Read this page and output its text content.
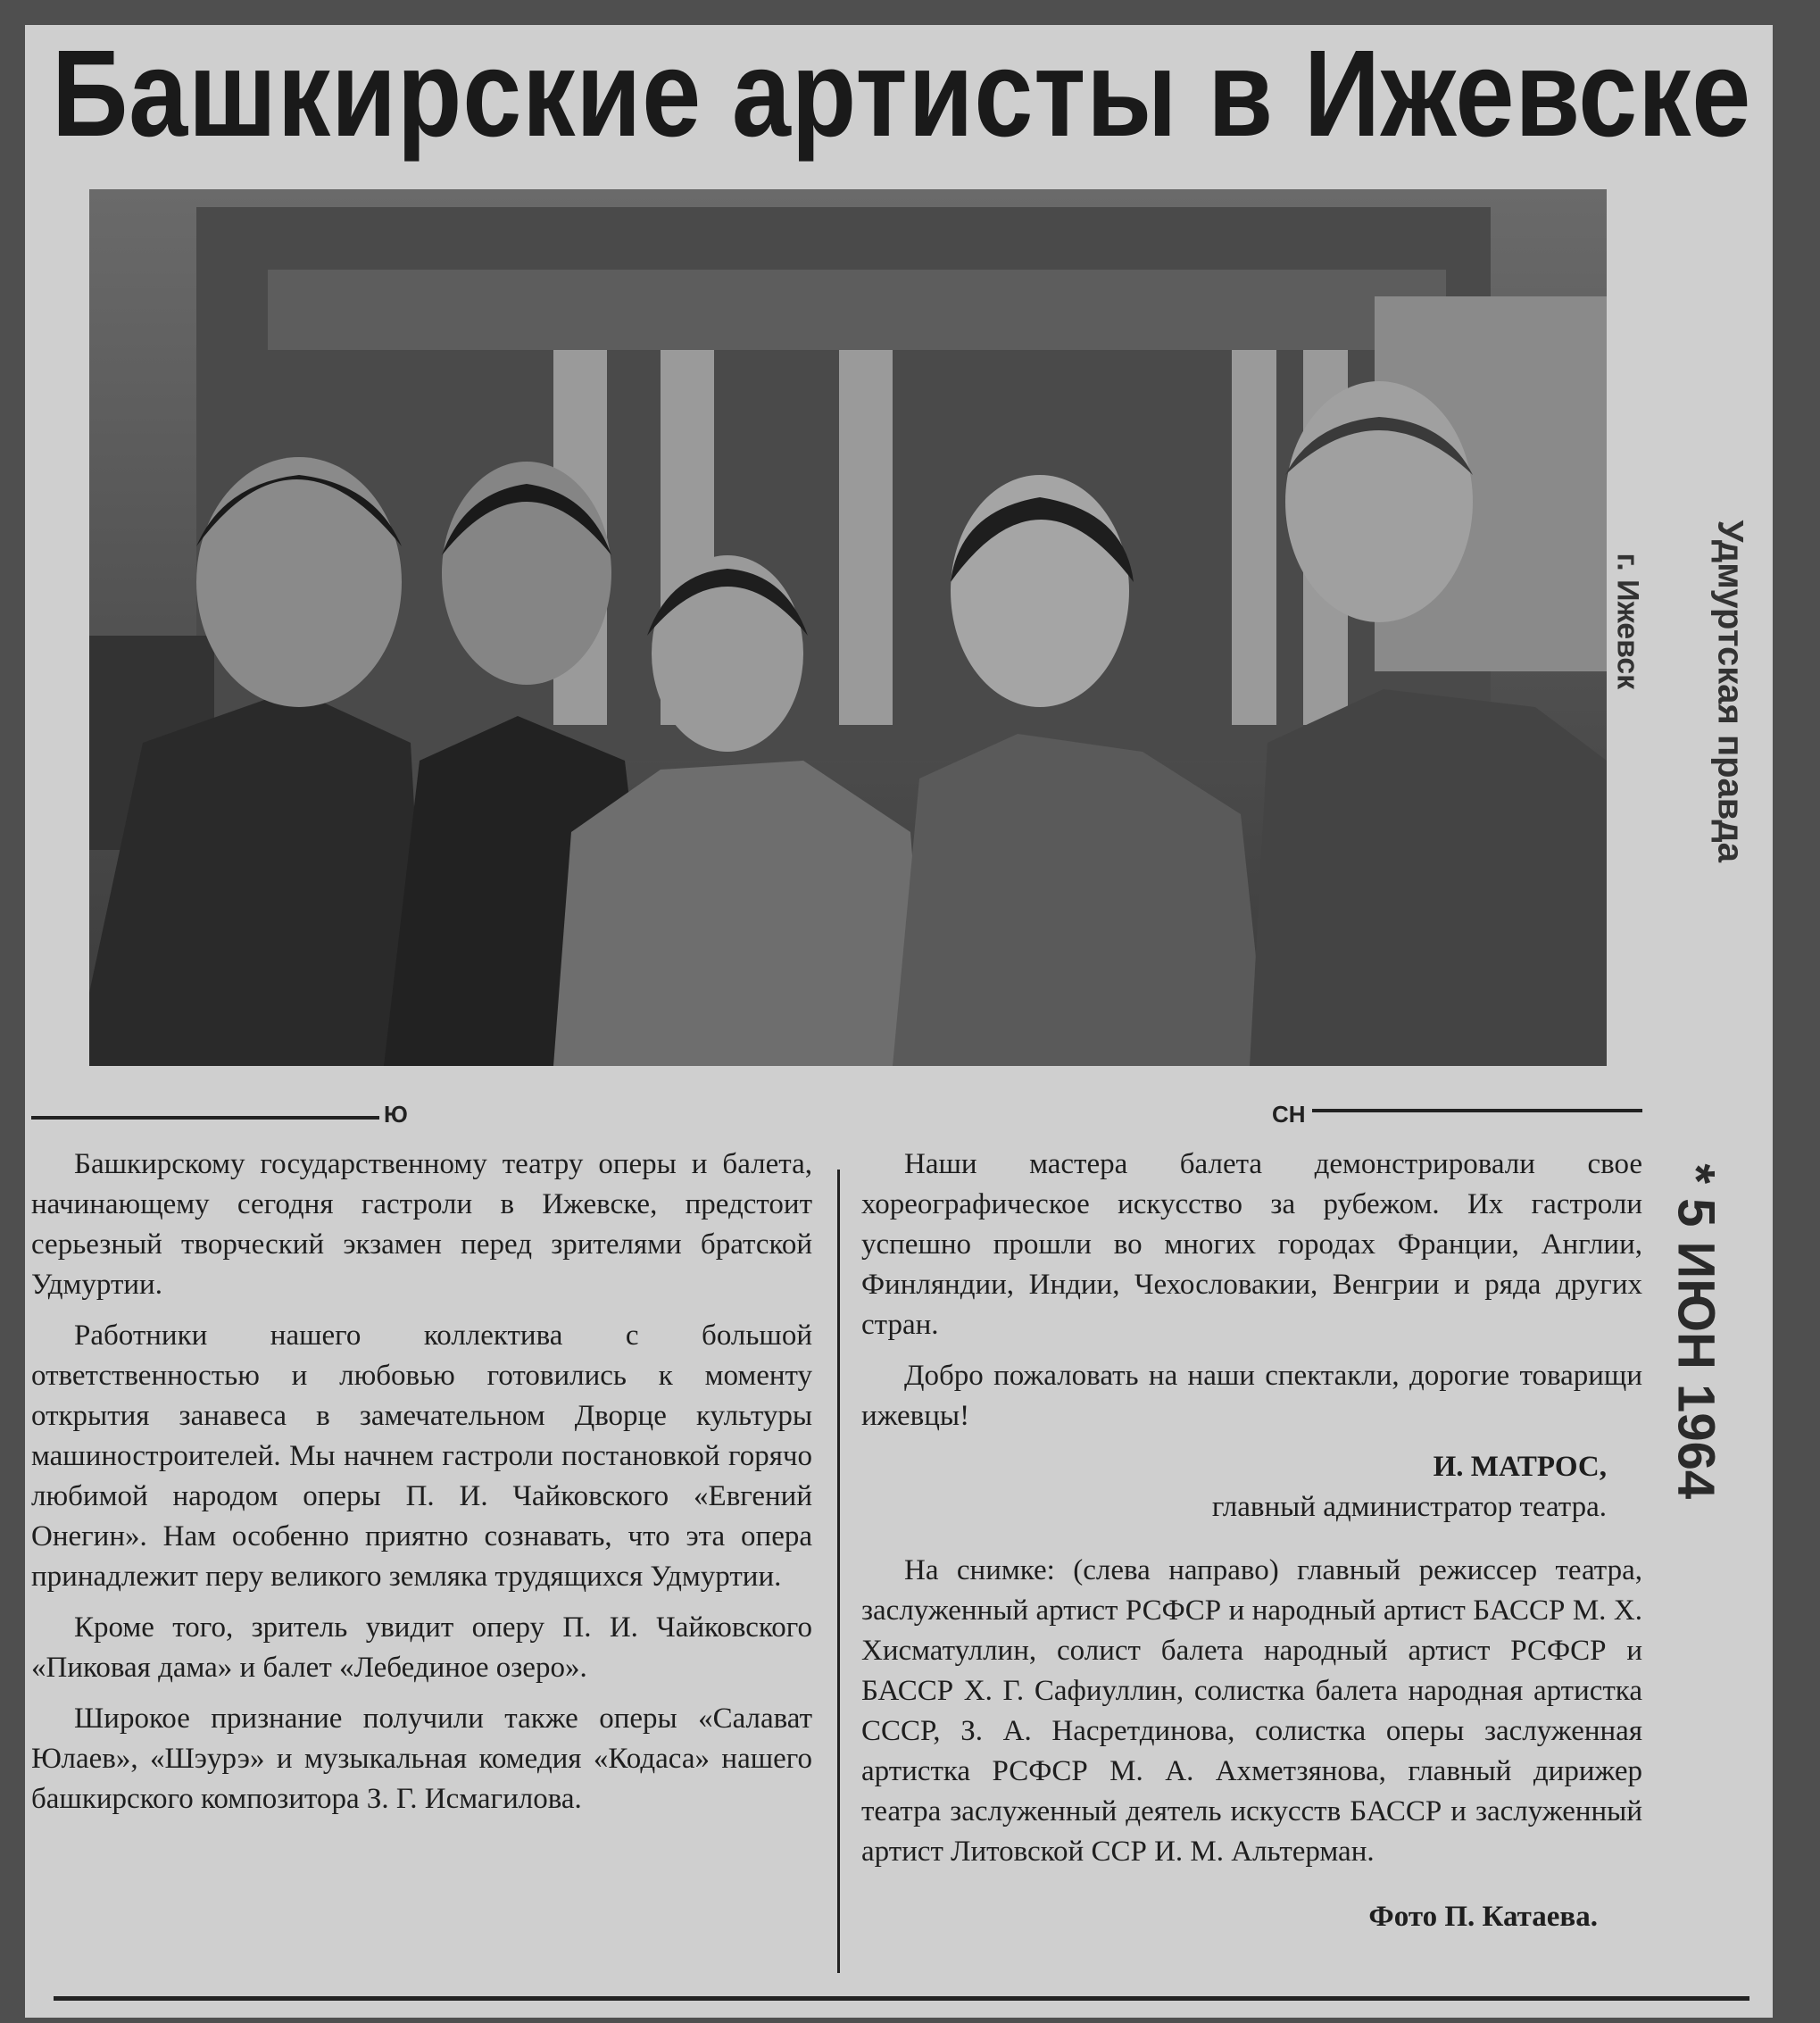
Башкирские артисты в Ижевске
Удмуртская правда
г. Ижевск
* 5 ИЮН 1964
Ю	СН

Башкирскому государственному театру оперы и балета, начинающему сегодня гастроли в Ижевске, предстоит серьезный творческий экзамен перед зрителями братской Удмуртии.

Работники нашего коллектива с большой ответственностью и любовью готовились к моменту открытия занавеса в замечательном Дворце культуры машиностроителей. Мы начнем гастроли постановкой горячо любимой народом оперы П. И. Чайковского «Евгений Онегин». Нам особенно приятно сознавать, что эта опера принадлежит перу великого земляка трудящихся Удмуртии.

Кроме того, зритель увидит оперу П. И. Чайковского «Пиковая дама» и балет «Лебединое озеро».

Широкое признание получили также оперы «Салават Юлаев», «Шэурэ» и музыкальная комедия «Кодаса» нашего башкирского композитора З. Г. Исмагилова.

Наши мастера балета демонстрировали свое хореографическое искусство за рубежом. Их гастроли успешно прошли во многих городах Франции, Англии, Финляндии, Индии, Чехословакии, Венгрии и ряда других стран.

Добро пожаловать на наши спектакли, дорогие товарищи ижевцы!

И. МАТРОС,

главный администратор театра.

На снимке: (слева направо) главный режиссер театра, заслуженный артист РСФСР и народный артист БАССР М. Х. Хисматуллин, солист балета народный артист РСФСР и БАССР Х. Г. Сафиуллин, солистка балета народная артистка СССР, З. А. Насретдинова, солистка оперы заслуженная артистка РСФСР М. А. Ахметзянова, главный дирижер театра заслуженный деятель искусств БАССР и заслуженный артист Литовской ССР И. М. Альтерман.

Фото П. Катаева.
